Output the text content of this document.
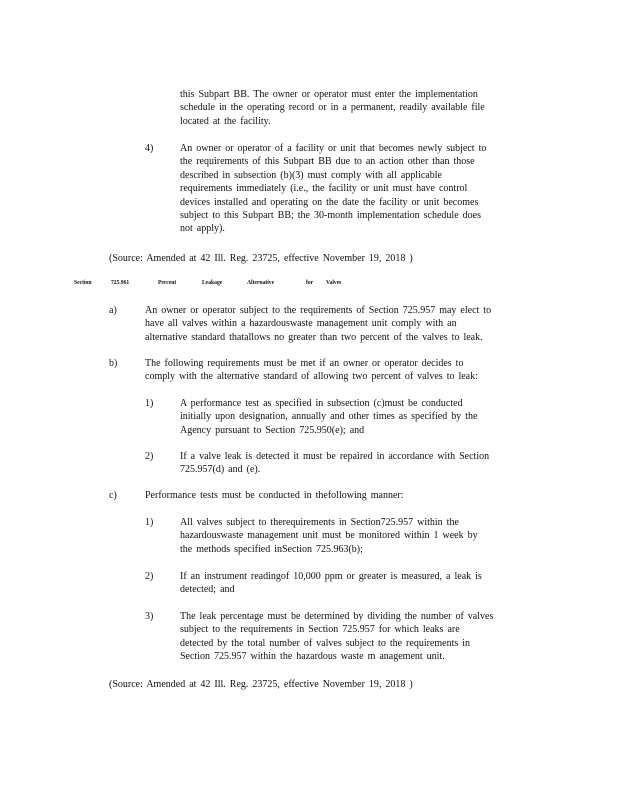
this Subpart BB. The owner or operator must enter the implementation
schedule in the operating record or in a permanent, readily available file
located at the facility.
4)	An owner or operator of a facility or unit that becomes newly subject to
the requirements of this Subpart BB due to an action other than those
described in subsection (b)(3) must comply with all applicable
requirements immediately (i.e., the facility or unit must have control
devices installed and operating on the date the facility or unit becomes
subject to this Subpart BB; the 30-month implementation schedule does
not apply).
(Source: Amended at 42 Ill. Reg. 23725, effective November 19, 2018 )
Section	725.961	Percent	Leakage	Alternative	for Valves
a)	An owner or operator subject to the requirements of Section 725.957 may elect to
have all valves within a hazardouswaste management unit comply with an
alternative standard thatallows no greater than two percent of the valves to leak.
b)	The following requirements must be met if an owner or operator decides to
comply with the alternative standard of allowing two percent of valves to leak:
1)	A performance test as specified in subsection (c)must be conducted
initially upon designation, annually and other times as specified by the
Agency pursuant to Section 725.950(e); and
2)	If a valve leak is detected it must be repaired in accordance with Section
725.957(d) and (e).
c)	Performance tests must be conducted in thefollowing manner:
1)	All valves subject to therequirements in Section725.957 within the
hazardouswaste management unit must be monitored within 1 week by
the methods specified inSection 725.963(b);
2)	If an instrument readingof 10,000 ppm or greater is measured, a leak is
detected; and
3)	The leak percentage must be determined by dividing the number of valves
subject to the requirements in Section 725.957 for which leaks are
detected by the total number of valves subject to the requirements in
Section 725.957 within the hazardous waste m anagement unit.
(Source: Amended at 42 Ill. Reg. 23725, effective November 19, 2018 )
